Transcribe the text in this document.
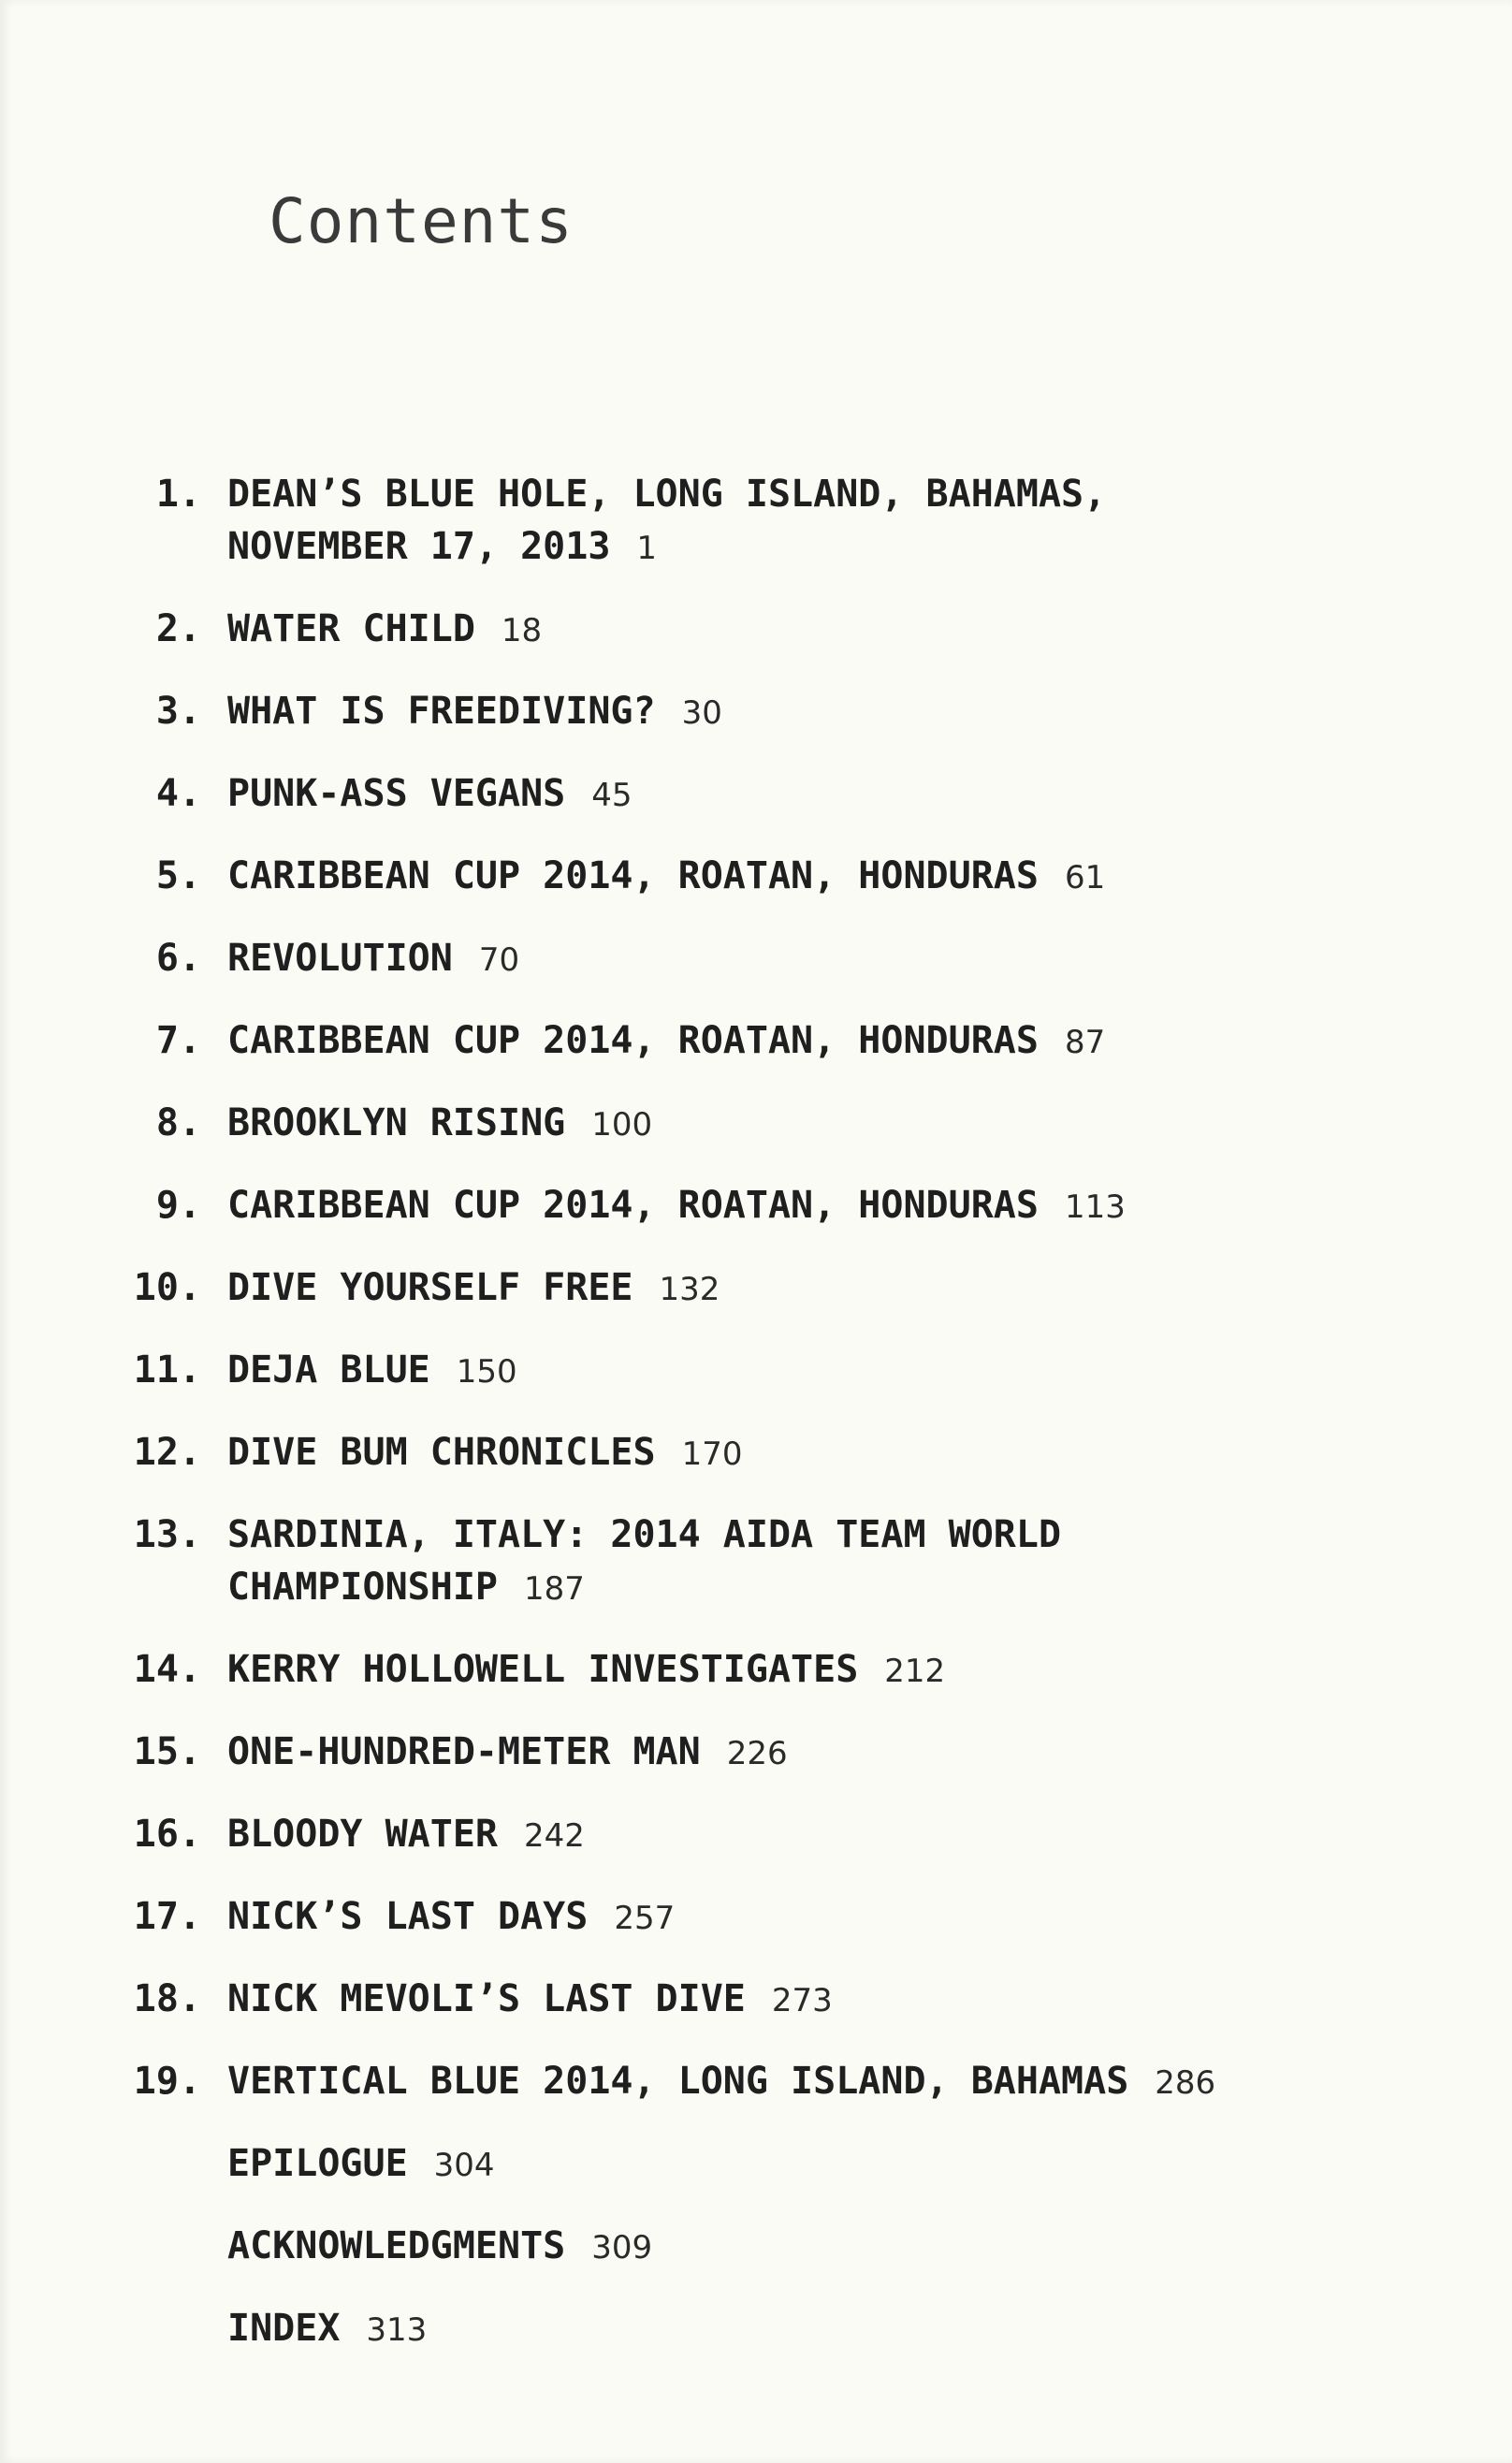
Contents
1. DEAN’S BLUE HOLE, LONG ISLAND, BAHAMAS,
NOVEMBER 17, 2013 1
2. WATER CHILD 18
3. WHAT IS FREEDIVING? 30
4. PUNK-ASS VEGANS 45
5. CARIBBEAN CUP 2014, ROATAN, HONDURAS 61
6. REVOLUTION 70
7. CARIBBEAN CUP 2014, ROATAN, HONDURAS 87
8. BROOKLYN RISING 100
9. CARIBBEAN CUP 2014, ROATAN, HONDURAS 113
10. DIVE YOURSELF FREE 132
11. DEJA BLUE 150
12. DIVE BUM CHRONICLES 170
13. SARDINIA, ITALY: 2014 AIDA TEAM WORLD
CHAMPIONSHIP 187
14. KERRY HOLLOWELL INVESTIGATES 212
15. ONE-HUNDRED-METER MAN 226
16. BLOODY WATER 242
17. NICK’S LAST DAYS 257
18. NICK MEVOLI’S LAST DIVE 273
19. VERTICAL BLUE 2014, LONG ISLAND, BAHAMAS 286
EPILOGUE 304
ACKNOWLEDGMENTS 309
INDEX 313
